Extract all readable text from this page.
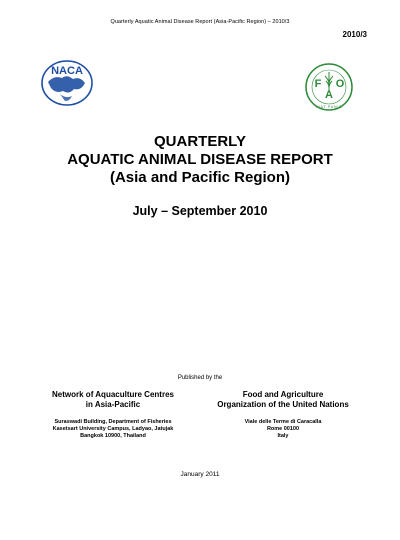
Quarterly Aquatic Animal Disease Report (Asia-Pacific Region) – 2010/3
2010/3
NACA
F
A
O
FIAT PANIS
QUARTERLY
AQUATIC ANIMAL DISEASE REPORT
(Asia and Pacific Region)
July – September 2010
Published by the
Network of Aquaculture Centres
in Asia-Pacific
Suraswadi Building, Department of Fisheries
Kasetsart University Campus, Ladyao, Jatujak
Bangkok 10900, Thailand
Food and Agriculture
Organization of the United Nations
Viale delle Terme di Caracalla
Rome 00100
Italy
January 2011
